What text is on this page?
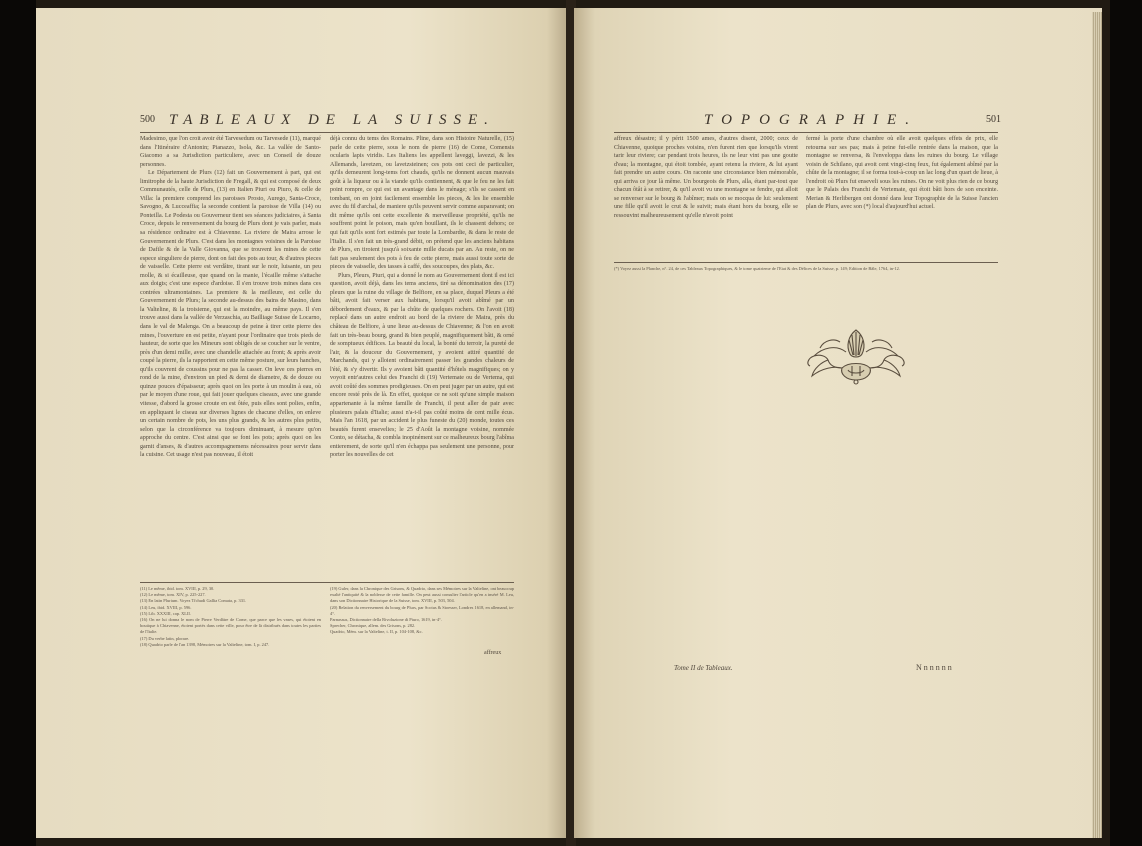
500 TABLEAUX DE LA SUISSE.

Madesimo, que l'on croit avoir été Tarvesedum ou Tarvesede (11), marqué dans l'Itinéraire d'Antonin; Pianazzo, Isola, &c. La vallée de Santo-Giacomo a sa Jurisdiction particuliere, avec un Conseil de douze personnes.

Le Département de Plurs (12) fait un Gouvernement à part, qui est limitrophe de la haute Jurisdiction de Fregall, & qui est composé de deux Communautés, celle de Plurs, (13) en Italien Piuri ou Piuro, & celle de Villa: la premiere comprend les paroisses Prosto, Aurego, Santa-Croce, Savogno, & Lucceaffia; la seconde contient la paroisse de Villa (14) ou Ponteilla. Le Podesta ou Gouverneur tient ses séances judiciaires, à Santa Croce, depuis le renversement du bourg de Plurs dont je vais parler, mais sa résidence ordinaire est à Chiavenne. La riviere de Maira arrose le Gouvernement de Plurs. C'est dans les montagnes voisines de la Paroisse de Dafile & de la Valle Giovanna, que se trouvent les mines de cette espece singuliere de pierre, dont on fait des pots au tour, & d'autres pieces de vaisselle. Cette pierre est verdâtre, tirant sur le noir, luisante, un peu molle, & si écailleuse, que quand on la manie, l'écaille même s'attache aux doigts; c'est une espece d'ardoise. Il s'en trouve trois mines dans ces contrées ultramontaines. La premiere & la meilleure, est celle du Gouvernement de Plurs; la seconde au-dessus des bains de Masino, dans la Valteline, & la troisieme, qui est la moindre, au même pays. Il s'en trouve aussi dans la vallée de Verzaschia, au Bailliage Suisse de Locarno, dans le val de Malenga. On a beaucoup de peine à tirer cette pierre des mines, l'ouverture en est petite, n'ayant pour l'ordinaire que trois pieds de hauteur, de sorte que les Mineurs sont obligés de se coucher sur le ventre, près d'un demi mille, avec une chandelle attachée au front; & après avoir coupé la pierre, ils la rapportent en cette même posture, sur leurs hanches, qu'ils couvrent de coussins pour ne pas la casser. On leve ces pierres en rond de la mine, d'environ un pied & demi de diametre, & de douze ou quinze pouces d'épaisseur; après quoi on les porte à un moulin à eau, où par le moyen d'une roue, qui fait jouer quelques ciseaux, avec une grande vitesse, d'abord la grosse croute en est ôtée, puis elles sont polies, enfin, en appliquant le ciseau sur diverses lignes de chacune d'elles, on enleve un certain nombre de pots, les uns plus grands, & les autres plus petits, selon que la circonférence va toujours diminuant, à mesure qu'on approche du centre. C'est ainsi que se font les pots; après quoi on les garnit d'anses, & d'autres accompagnemens nécessaires pour servir dans la cuisine. Cet usage n'est pas nouveau, il étoit

déjà connu du tems des Romains. Pline, dans son Histoire Naturelle, (15) parle de cette pierre, sous le nom de pierre (16) de Come, Comensis ocularis lapis viridis. Les Italiens les appellent laveggi, lavezzi, & les Allemands, lavetzen, ou lavetzsteinen; ces pots ont ceci de particulier, qu'ils demeurent long-tems fort chauds, qu'ils ne donnent aucun mauvais goût à la liqueur ou à la viande qu'ils contiennent, & que le feu ne les fait point rompre, ce qui est un avantage dans le ménage; s'ils se cassent en tombant, on en joint facilement ensemble les pieces, & les lie ensemble avec du fil d'archal, de maniere qu'ils peuvent servir comme auparavant; on dit même qu'ils ont cette excellente & merveilleuse propriété, qu'ils ne souffrent point le poison, mais qu'en bouillant, ils le chassent dehors; ce qui fait qu'ils sont fort estimés par toute la Lombardie, & dans le reste de l'Italie. Il s'en fait un très-grand débit, on prétend que les anciens habitans de Plurs, en tiroient jusqu'à soixante mille ducats par an. Au reste, on ne fait pas seulement des pots à feu de cette pierre, mais aussi toute sorte de pieces de vaisselle, des tasses à caffé, des soucoupes, des plats, &c.

Plurs, Pleurs, Piuri, qui a donné le nom au Gouvernement dont il est ici question, avoit déjà, dans les tems anciens, tiré sa dénomination des (17) pleurs que la ruine du village de Belfiore, en sa place, duquel Pleurs a été bâti, avoit fait verser aux habitans, lorsqu'il avoit abîmé par un débordement d'eaux, & par la chûte de quelques rochers. On l'avoit (18) replacé dans un autre endroit au bord de la riviere de Maira, près du château de Belfiore, à une lieue au-dessus de Chiavenne; & l'on en avoit fait un très-beau bourg, grand & bien peuplé, magnifiquement bâti, & orné de somptueux édifices. La beauté du local, la bonté du terroir, la pureté de l'air, & la douceur du Gouvernement, y avoient attiré quantité de Marchands, qui y alloient ordinairement passer les grandes chaleurs de l'été, & s'y divertir. Ils y avoient bâti quantité d'hôtels magnifiques; on y voyoit entr'autres celui des Franchi di (19) Vertemate ou de Vertema, qui avoit coûté des sommes prodigieuses. On en peut juger par un autre, qui est encore resté près de là. En effet, quoique ce ne soit qu'une simple maison appartenante à la même famille de Franchi, il peut aller de pair avec plusieurs palais d'Italie; aussi n'a-t-il pas coûté moins de cent mille écus. Mais l'an 1618, par un accident le plus funeste du (20) monde, toutes ces beautés furent ensevelies; le 25 d'Août la montagne voisine, nommée Conto, se détacha, & combla inopinément sur ce malheureux bourg l'abîma entierement, de sorte qu'il n'en échappa pas seulement une personne, pour porter les nouvelles de cet

(11) Le même, ibid. tom. XVIII, p. 29, 30.

(12) Le même, tom. XIV, p. 225-227.

(13) En latin Plurium. Voyez Tfchudi Gallia Comata, p. 331.

(14) Leu, ibid. XVIII, p. 596.

(15) Lib. XXXIII, cap. XLII.

(16) On ne lui donna le nom de Pierre Verdâtre de Come, que parce que les vases, qui étoient en boutique à Chiavenne, étoient portés dans cette ville, pour être de là distribués dans toutes les parties de l'Italie.

(17) Du verbe latin, plorare.

(18) Quadrio parle de l'an 1398, Mémoires sur la Valteline, tom. I, p. 247.

(19) Guler, dans la Chronique des Grisons, & Quadrio, dans ses Mémoires sur la Valteline, ont beaucoup exalté l'antiquité & la noblesse de cette famille. On peut aussi consulter l'article qu'en a inséré M. Leu, dans son Dictionnaire Historique de la Suisse, tom. XVIII, p. 503, 504.

(20) Relation du renversement du bourg de Plurs, par Scotus & Stoesser, Londres 1618, en allemand, in-4°.

Parnassus, Dictionnaire della Rivoluzione di Piuro, 1619, in-4°.

Sprecher, Chronique, allem. des Grisons, p. 282.

Quadrio, Mém. sur la Valteline, t. II, p. 104-108, &c.

affreux
TOPOGRAPHIE.	501

affreux désastre; il y périt 1500 ames, d'autres disent, 2000; ceux de Chiavenne, quoique proches voisins, n'en furent rien que lorsqu'ils virent tarir leur riviere; car pendant trois heures, ils ne leur vint pas une goutte d'eau; la montagne, qui étoit tombée, ayant retenu la riviere, & lui ayant fait prendre un autre cours. On raconte une circonstance bien mémorable, qui arriva ce jour là même. Un bourgeois de Plurs, alla, étant par-tout que chacun ôtât à se retirer, & qu'il avoit vu une montagne se fendre, qui alloit se renverser sur le bourg & l'abîmer; mais on se mocqua de lui: seulement une fille qu'il avoit le crut & le suivit; mais étant hors du bourg, elle se ressouvint malheureusement qu'elle n'avoit point

fermé la porte d'une chambre où elle avoit quelques effets de prix, elle retourna sur ses pas; mais à peine fut-elle rentrée dans la maison, que la montagne se renversa, & l'enveloppa dans les ruines du bourg. Le village voisin de Schilano, qui avoit cent vingt-cinq feux, fut également abîmé par la chûte de la montagne; il se forma tout-à-coup un lac long d'un quart de lieue, à l'endroit où Plurs fut enseveli sous les ruines. On ne voit plus rien de ce bourg que le Palais des Franchi de Vertemate, qui étoit bâti hors de son enceinte. Merian & Herlibergen ont donné dans leur Topographie de la Suisse l'ancien plan de Plurs, avec son (*) local d'aujourd'hui actuel.

(*) Voyez aussi la Planche, n°. 24, de ces Tableaux Topographiques, & le tome quatrieme de l'Etat & des Délices de la Suisse, p. 149; Edition de Bâle, 1764, in-12.
Tome II de Tableaux.	Nnnnnn
